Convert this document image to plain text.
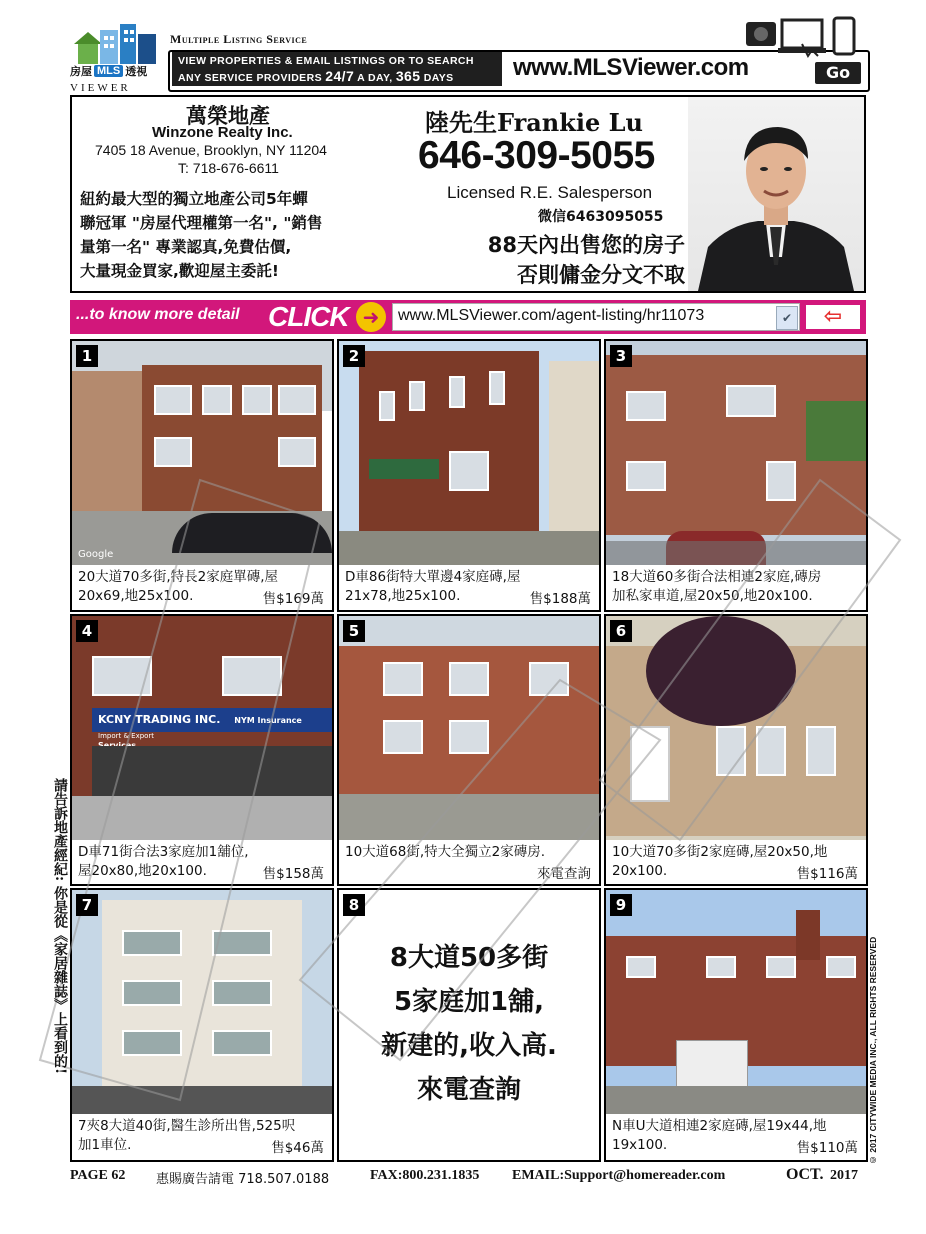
房屋 MLS 透視
VIEWER
Multiple Listing Service
VIEW PROPERTIES & EMAIL LISTINGS OR TO SEARCH
ANY SERVICE PROVIDERS 24/7 A DAY, 365 DAYS	www.MLSViewer.com	Go
萬榮地產
Winzone Realty Inc.
7405 18 Avenue, Brooklyn, NY 11204
T: 718-676-6611
紐約最大型的獨立地產公司5年蟬
聯冠軍 "房屋代理權第一名", "銷售
量第一名" 專業認真,免費估價,
大量現金買家,歡迎屋主委託!
陸先生Frankie Lu
646-309-5055
Licensed R.E. Salesperson
微信6463095055
88天內出售您的房子
否則傭金分文不取
...to know more detail CLICK ➜	www.MLSViewer.com/agent-listing/hr11073	✔	⇦
Google
1
20大道70多街,特長2家庭單磚,屋
20x69,地25x100.	售$169萬
2
D車86街特大單邊4家庭磚,屋
21x78,地25x100.	售$188萬
3
18大道60多街合法相連2家庭,磚房
加私家車道,屋20x50,地20x100.
KCNY TRADING INC. NYM Insurance
Import & Export
4
D車71街合法3家庭加1舖位,
屋20x80,地20x100.	售$158萬
5
10大道68街,特大全獨立2家磚房.
來電查詢
6
10大道70多街2家庭磚,屋20x50,地
20x100.	售$116萬
7
7夾8大道40街,醫生診所出售,525呎
加1車位.	售$46萬
8
8大道50多街
5家庭加1舖,
新建的,收入高.
來電查詢
9
N車U大道相連2家庭磚,屋19x44,地
19x100.	售$110萬
請告訴地產經紀: 你是從《家居雜誌》上看到的!	© 2017 CITYWIDE MEDIA INC., ALL RIGHTS RESERVED
PAGE 62 惠賜廣告請電 718.507.0188	FAX:800.231.1835 EMAIL:Support@homereader.com	OCT. 2017
